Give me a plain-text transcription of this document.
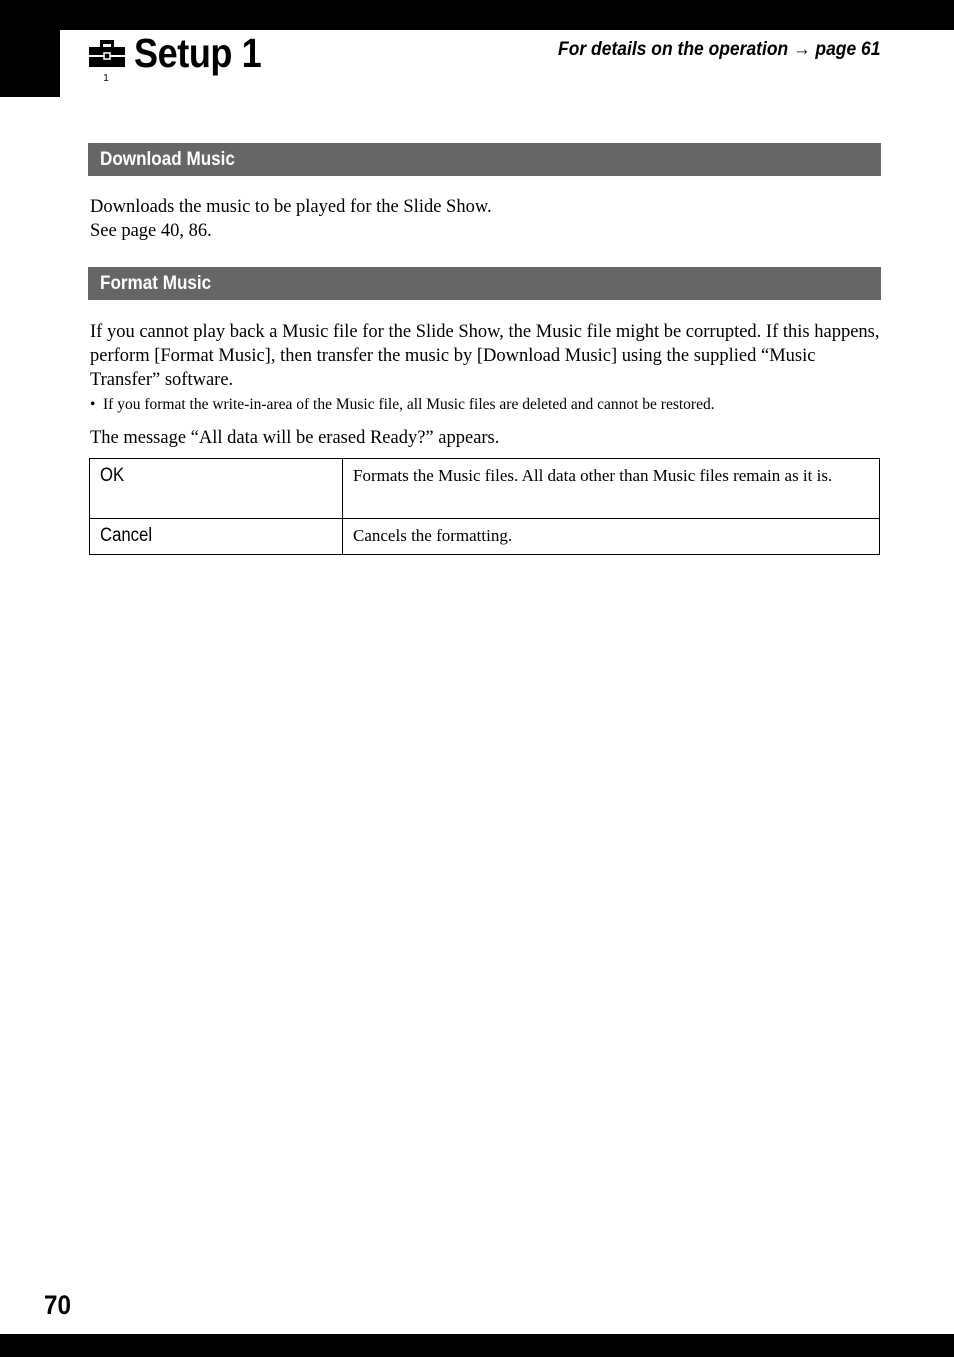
1
Setup 1	For details on the operation → page 61
Download Music

Downloads the music to be played for the Slide Show.

See page 40, 86.

Format Music

If you cannot play back a Music file for the Slide Show, the Music file might be corrupted. If this happens, perform [Format Music], then transfer the music by [Download Music] using the supplied “Music Transfer” software.

• If you format the write-in-area of the Music file, all Music files are deleted and cannot be restored.

The message “All data will be erased Ready?” appears.

OK	Formats the Music files. All data other than Music files remain as it is.
Cancel	Cancels the formatting.
70
